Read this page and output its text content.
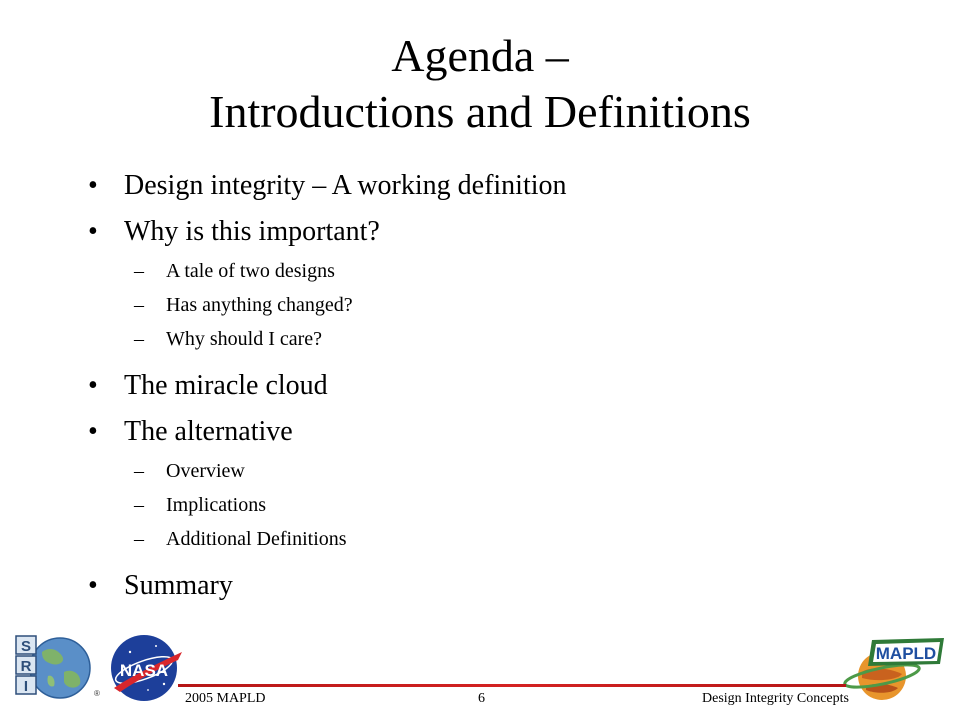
Agenda –
Introductions and Definitions
• Design integrity – A working definition
• Why is this important?
– A tale of two designs
– Has anything changed?
– Why should I care?
• The miracle cloud
• The alternative
– Overview
– Implications
– Additional Definitions
• Summary
S
R
I	®
NASA
MAPLD
2005 MAPLD	6	Design Integrity Concepts
